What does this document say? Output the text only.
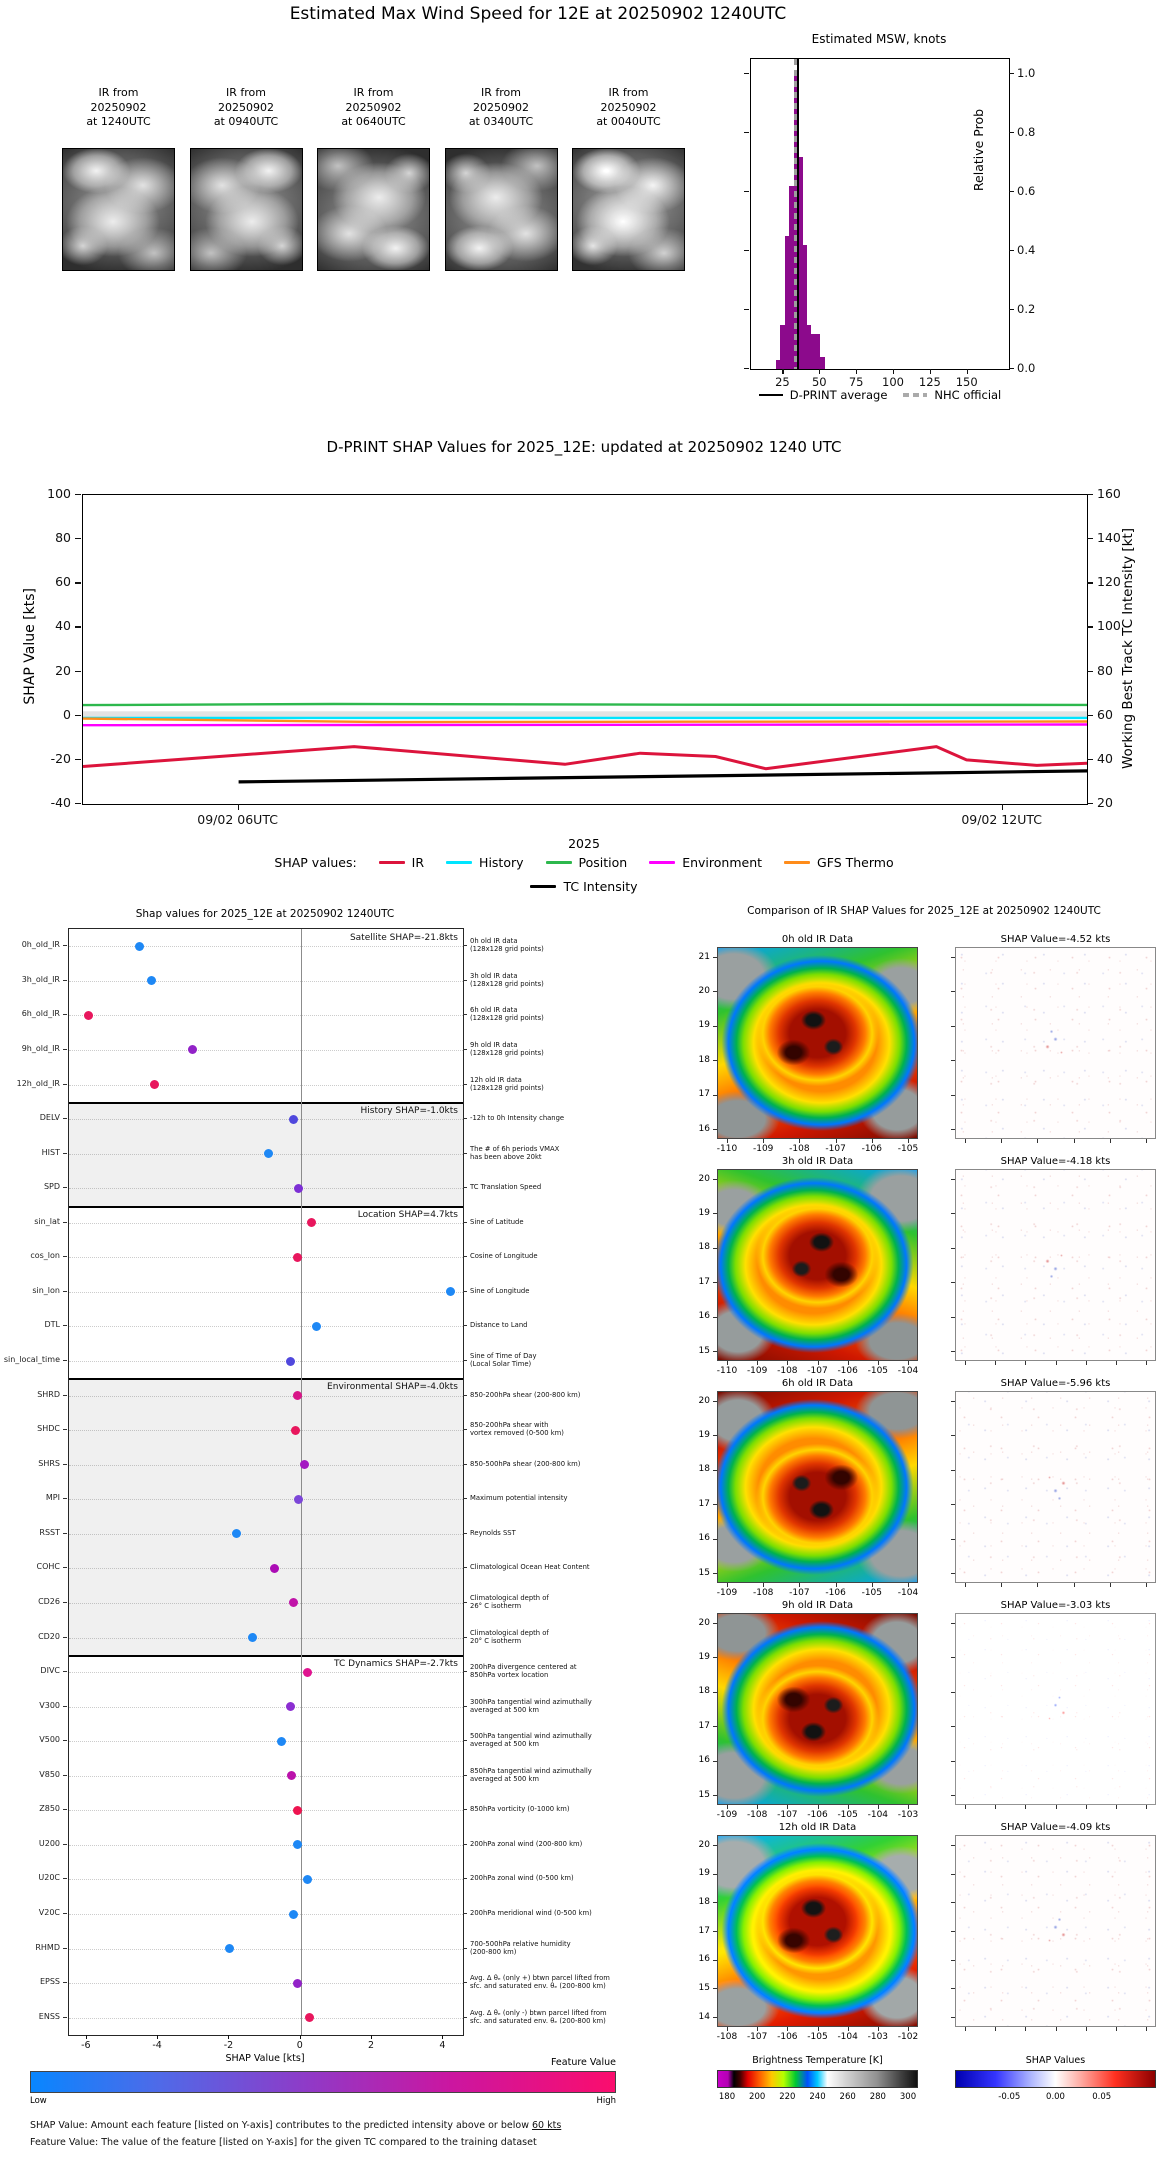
Estimated Max Wind Speed for 12E at 20250902 1240UTC
Estimated MSW, knots
Relative Prob
D-PRINT average	NHC official
D-PRINT SHAP Values for 2025_12E: updated at 20250902 1240 UTC
SHAP Value [kts]	Working Best Track TC Intensity [kt]
2025
SHAP values:	IR	History	Position	Environment	GFS Thermo
TC Intensity
Shap values for 2025_12E at 20250902 1240UTC
Satellite SHAP=-21.8kts
History SHAP=-1.0kts
Location SHAP=4.7kts
Environmental SHAP=-4.0kts
TC Dynamics SHAP=-2.7kts
SHAP Value [kts]	Feature Value
Low	High
SHAP Value: Amount each feature [listed on Y-axis] contributes to the predicted intensity above or below 60 kts
Feature Value: The value of the feature [listed on Y-axis] for the given TC compared to the training dataset
Comparison of IR SHAP Values for 2025_12E at 20250902 1240UTC
Brightness Temperature [K]	SHAP Values
IR from
20250902
at 1240UTC
IR from
20250902
at 0940UTC
IR from
20250902
at 0640UTC
IR from
20250902
at 0340UTC
IR from
20250902
at 0040UTC
25	50	75	100	125	150
0.0
0.2
0.4
0.6
0.8
1.0
100	160
80	140
60	120
40	100
20	80
0	60
-20	40
-40	20
09/02 06UTC	09/02 12UTC
0h_old_IR	0h old IR data
(128x128 grid points)
3h_old_IR	3h old IR data
(128x128 grid points)
6h_old_IR	6h old IR data
(128x128 grid points)
9h_old_IR	9h old IR data
(128x128 grid points)
12h_old_IR	12h old IR data
(128x128 grid points)
DELV	-12h to 0h Intensity change
HIST	The # of 6h periods VMAX
has been above 20kt
SPD	TC Translation Speed
sin_lat	Sine of Latitude
cos_lon	Cosine of Longitude
sin_lon	Sine of Longitude
DTL	Distance to Land
sin_local_time	Sine of Time of Day
(Local Solar Time)
SHRD	850-200hPa shear (200-800 km)
SHDC	850-200hPa shear with
vortex removed (0-500 km)
SHRS	850-500hPa shear (200-800 km)
MPI	Maximum potential intensity
RSST	Reynolds SST
COHC	Climatological Ocean Heat Content
CD26	Climatological depth of
26° C isotherm
CD20	Climatological depth of
20° C isotherm
DIVC	200hPa divergence centered at
850hPa vortex location
V300	300hPa tangential wind azimuthally
averaged at 500 km
V500	500hPa tangential wind azimuthally
averaged at 500 km
V850	850hPa tangential wind azimuthally
averaged at 500 km
Z850	850hPa vorticity (0-1000 km)
U200	200hPa zonal wind (200-800 km)
U20C	200hPa zonal wind (0-500 km)
V20C	200hPa meridional wind (0-500 km)
RHMD	700-500hPa relative humidity
(200-800 km)
EPSS	Avg. Δ θₑ (only +) btwn parcel lifted from
sfc. and saturated env. θₑ (200-800 km)
ENSS	Avg. Δ θₑ (only -) btwn parcel lifted from
sfc. and saturated env. θₑ (200-800 km)
-6	-4	-2	0	2	4
0h old IR Data	SHAP Value=-4.52 kts
21
20
19
18
17
16
-110	-109	-108	-107	-106	-105
3h old IR Data	SHAP Value=-4.18 kts
20
19
18
17
16
15
-110	-109	-108	-107	-106	-105	-104
6h old IR Data	SHAP Value=-5.96 kts
20
19
18
17
16
15
-109	-108	-107	-106	-105	-104
9h old IR Data	SHAP Value=-3.03 kts
20
19
18
17
16
15
-109	-108	-107	-106	-105	-104	-103
12h old IR Data	SHAP Value=-4.09 kts
20
19
18
17
16
15
14
-108	-107	-106	-105	-104	-103	-102
180	200	220	240	260	280	300	-0.05	0.00	0.05
